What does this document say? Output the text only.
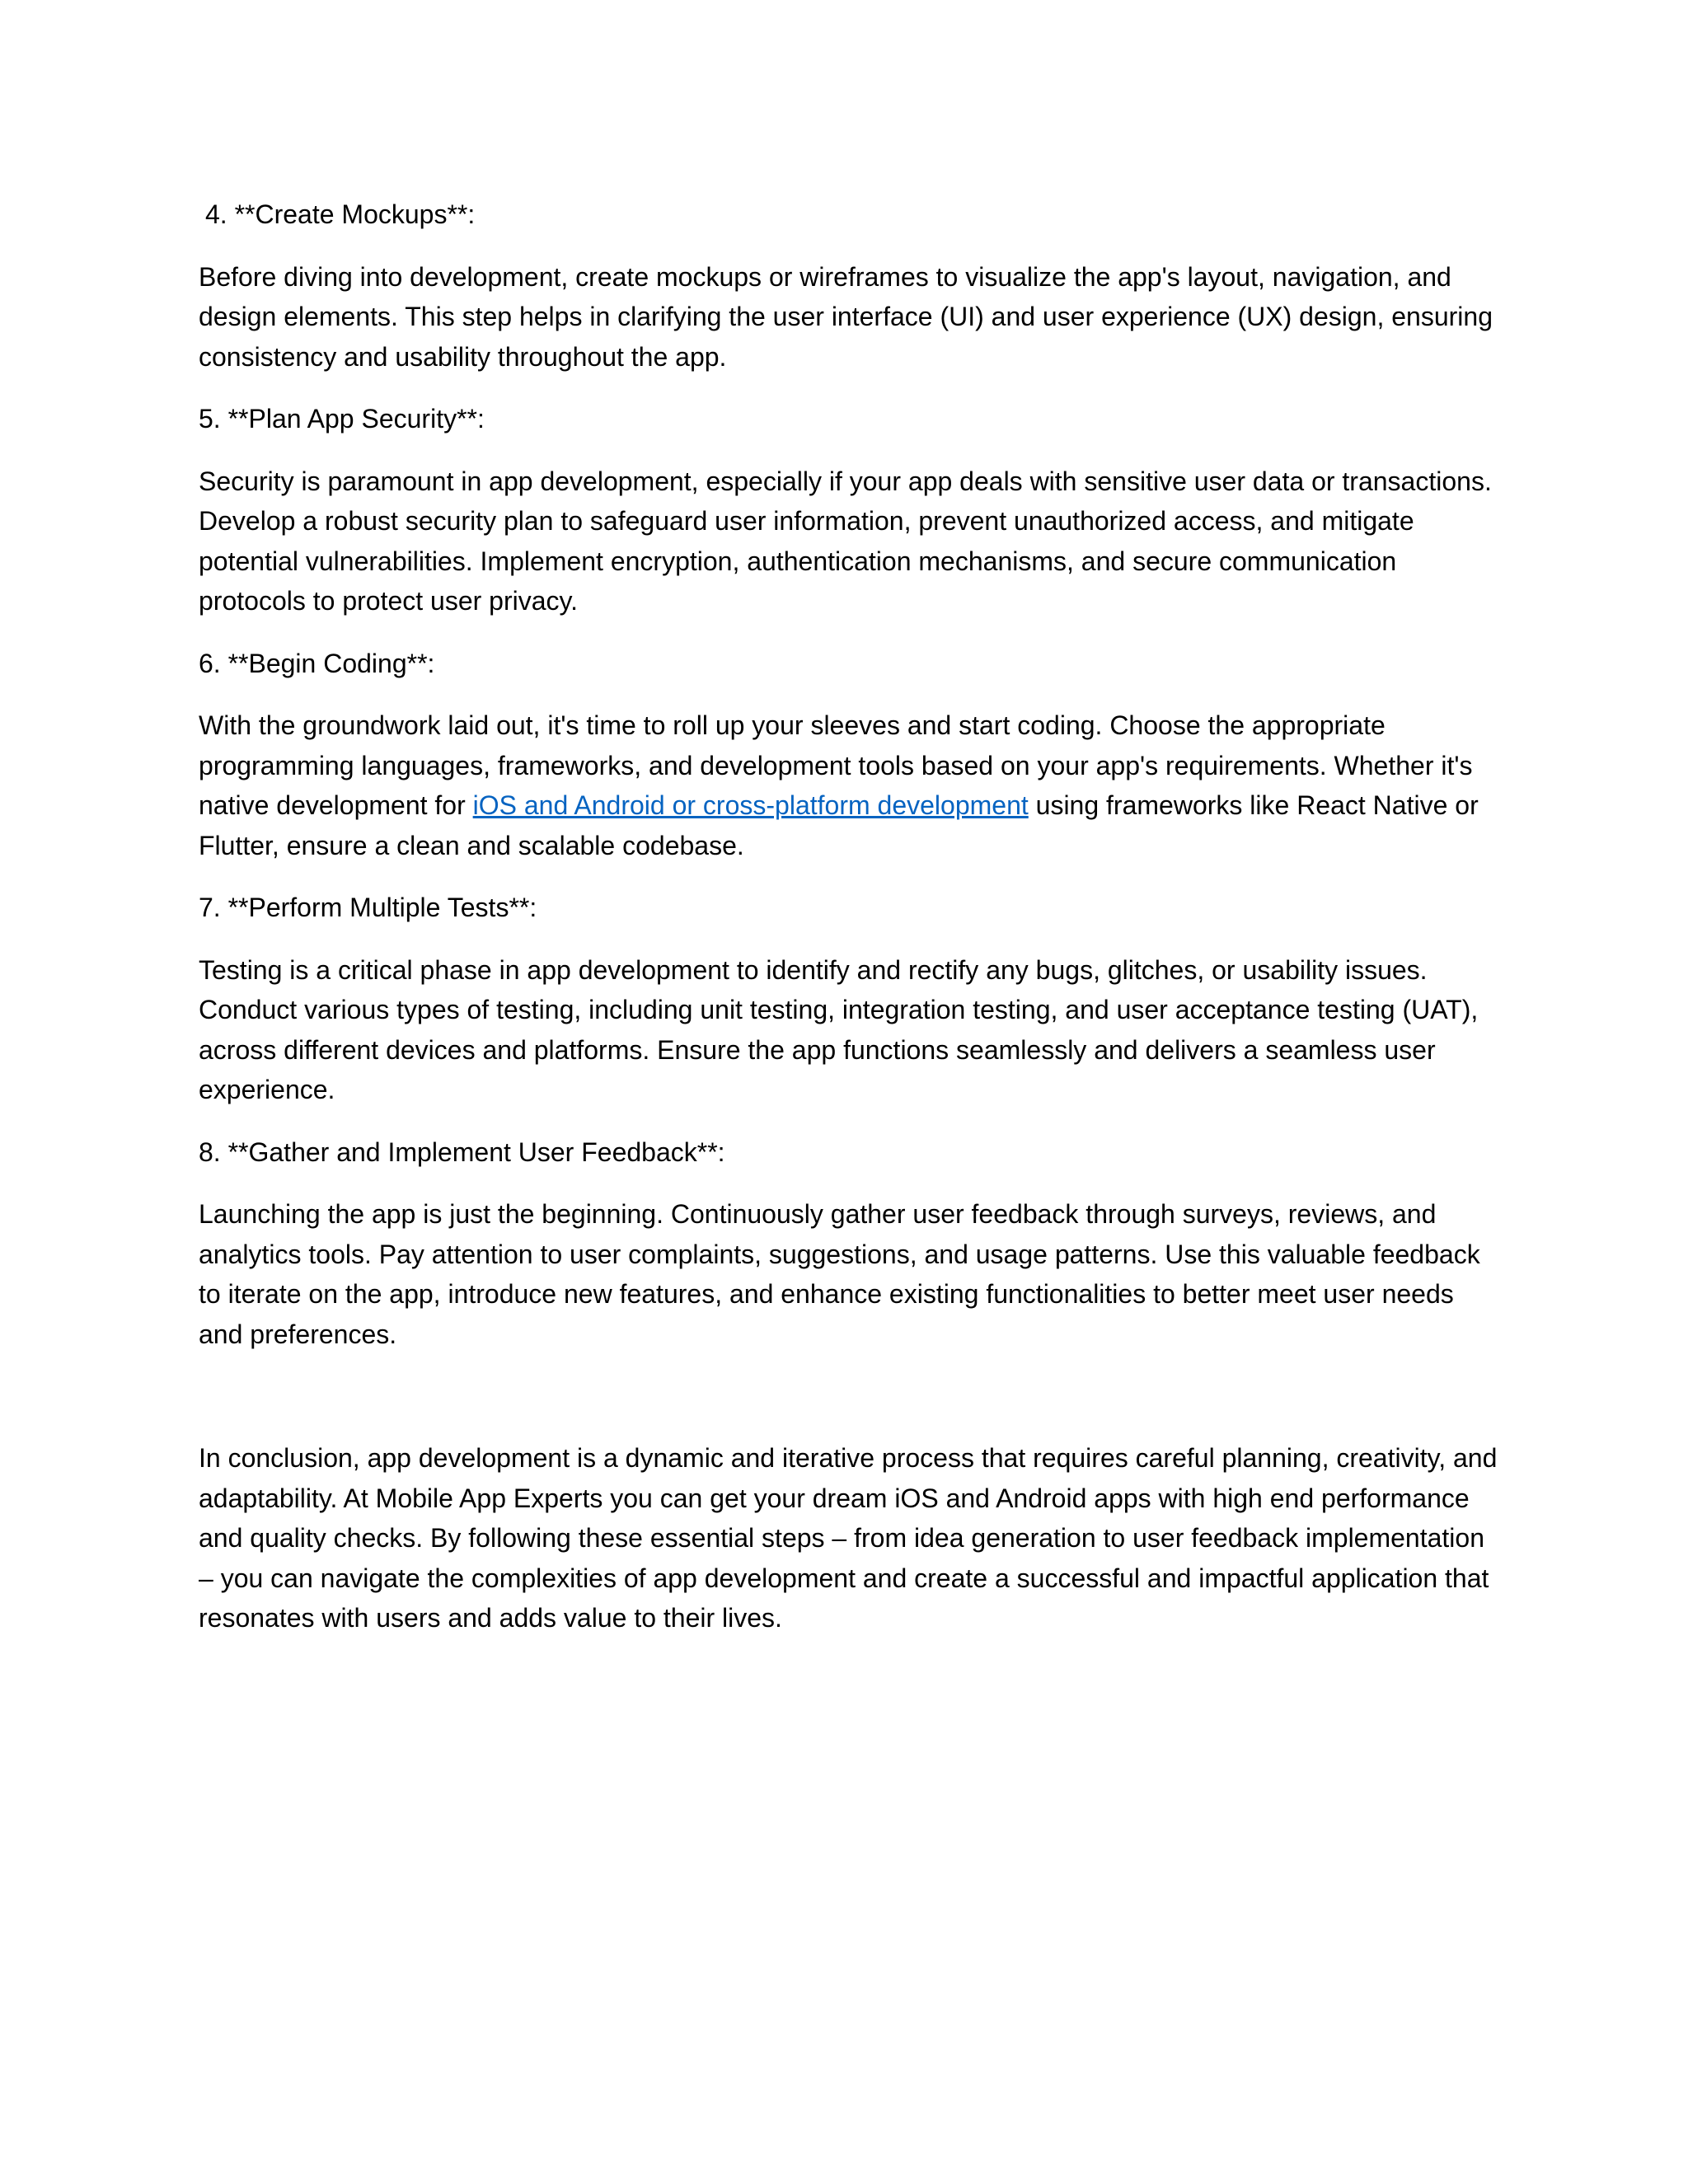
4. **Create Mockups**:

Before diving into development, create mockups or wireframes to visualize the app's layout, navigation, and design elements. This step helps in clarifying the user interface (UI) and user experience (UX) design, ensuring consistency and usability throughout the app.

5. **Plan App Security**:

Security is paramount in app development, especially if your app deals with sensitive user data or transactions. Develop a robust security plan to safeguard user information, prevent unauthorized access, and mitigate potential vulnerabilities. Implement encryption, authentication mechanisms, and secure communication protocols to protect user privacy.

6. **Begin Coding**:

With the groundwork laid out, it's time to roll up your sleeves and start coding. Choose the appropriate programming languages, frameworks, and development tools based on your app's requirements. Whether it's native development for iOS and Android or cross-platform development using frameworks like React Native or Flutter, ensure a clean and scalable codebase.

7. **Perform Multiple Tests**:

Testing is a critical phase in app development to identify and rectify any bugs, glitches, or usability issues. Conduct various types of testing, including unit testing, integration testing, and user acceptance testing (UAT), across different devices and platforms. Ensure the app functions seamlessly and delivers a seamless user experience.

8. **Gather and Implement User Feedback**:

Launching the app is just the beginning. Continuously gather user feedback through surveys, reviews, and analytics tools. Pay attention to user complaints, suggestions, and usage patterns. Use this valuable feedback to iterate on the app, introduce new features, and enhance existing functionalities to better meet user needs and preferences.

In conclusion, app development is a dynamic and iterative process that requires careful planning, creativity, and adaptability. At Mobile App Experts you can get your dream iOS and Android apps with high end performance and quality checks. By following these essential steps – from idea generation to user feedback implementation – you can navigate the complexities of app development and create a successful and impactful application that resonates with users and adds value to their lives.
